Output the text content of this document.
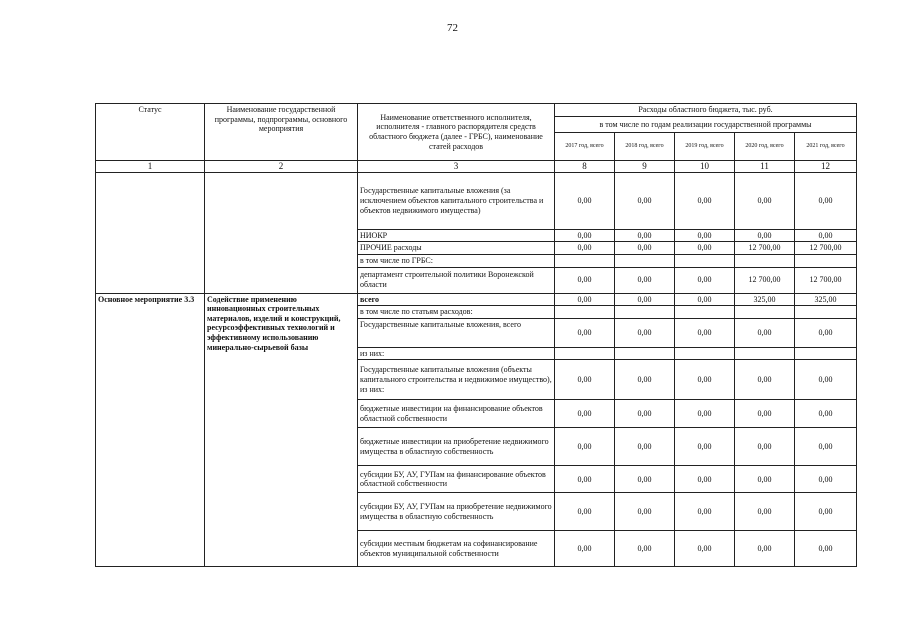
72
Статус	Наименование государственной программы, подпрограммы, основного мероприятия	Наименование ответственного исполнителя, исполнителя - главного распорядителя средств областного бюджета (далее - ГРБС), наименование статей расходов	Расходы областного бюджета, тыс. руб.				
			в том числе по годам реализации государственной программы				
			2017 год, всего	2018 год, всего	2019 год, всего	2020 год, всего	2021 год, всего
1	2	3	8	9	10	11	12
		Государственные капитальные вложения (за исключением объектов капитального строительства и объектов недвижимого имущества)	0,00	0,00	0,00	0,00	0,00
		НИОКР	0,00	0,00	0,00	0,00	0,00
		ПРОЧИЕ расходы	0,00	0,00	0,00	12 700,00	12 700,00
		в том числе по ГРБС:					
		департамент строительной политики Воронежской области	0,00	0,00	0,00	12 700,00	12 700,00
Основное мероприятие 3.3	Содействие применению инновационных строительных материалов, изделий и конструкций, ресурсоэффективных технологий и эффективному использованию минерально-сырьевой базы	всего	0,00	0,00	0,00	325,00	325,00
		в том числе по статьям расходов:					
		Государственные капитальные вложения, всего	0,00	0,00	0,00	0,00	0,00
		из них:					
		Государственные капитальные вложения (объекты капитального строительства и недвижимое имущество), из них:	0,00	0,00	0,00	0,00	0,00
		бюджетные инвестиции на финансирование объектов областной собственности	0,00	0,00	0,00	0,00	0,00
		бюджетные инвестиции на приобретение недвижимого имущества в областную собственность	0,00	0,00	0,00	0,00	0,00
		субсидии БУ, АУ, ГУПам на финансирование объектов областной собственности	0,00	0,00	0,00	0,00	0,00
		субсидии БУ, АУ, ГУПам на приобретение недвижимого имущества в областную собственность	0,00	0,00	0,00	0,00	0,00
		субсидии местным бюджетам на софинансирование объектов муниципальной собственности	0,00	0,00	0,00	0,00	0,00
